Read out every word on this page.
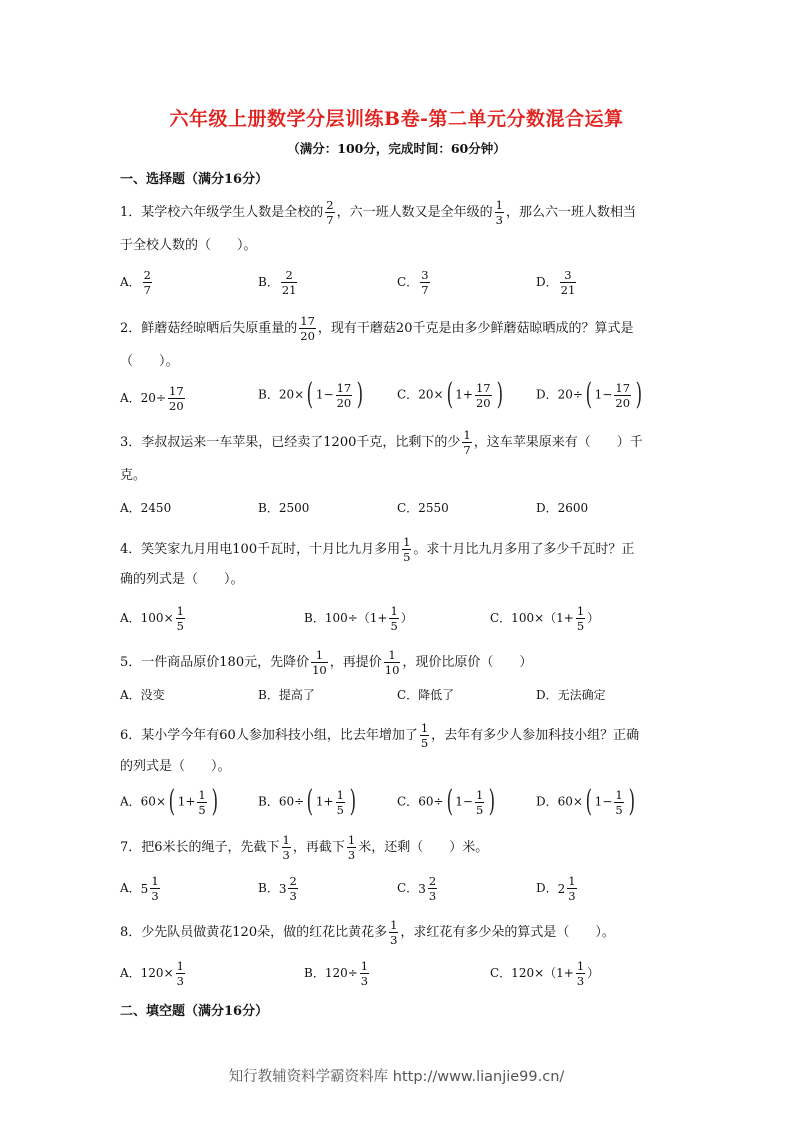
六年级上册数学分层训练B卷-第二单元分数混合运算
（满分：100分，完成时间：60分钟）
一、选择题（满分16分）
1．某学校六年级学生人数是全校的 $\frac{2}{7}$ ，六一班人数又是全年级的 $\frac{1}{3}$ ，那么六一班人数相当
于全校人数的（　　）。
A． $\frac{2}{7}$	B． $\frac{2}{21}$	C． $\frac{3}{7}$	D． $\frac{3}{21}$
2．鲜蘑菇经晾晒后失原重量的 $\frac{17}{20}$ ，现有干蘑菇20千克是由多少鲜蘑菇晾晒成的？算式是
（　　）。
A．$20\div \frac{17}{20}$	B．20×( $1- \frac{17}{20}$ )	C．20×( $1+ \frac{17}{20}$ )	D．20÷( $1- \frac{17}{20}$ )
3．李叔叔运来一车苹果，已经卖了1200千克，比剩下的少 $\frac{1}{7}$ ，这车苹果原来有（　　）千
克。
A．2450	B．2500	C．2550	D．2600
4．笑笑家九月用电100千瓦时，十月比九月多用 $\frac{1}{5}$ 。求十月比九月多用了多少千瓦时？正
确的列式是（　　）。
A．$100\times \frac{1}{5}$	B．$100\div(1+ \frac{1}{5}$ ）	C．$100\times(1+ \frac{1}{5}$ ）
5．一件商品原价180元，先降价 $\frac{1}{10}$ ，再提价 $\frac{1}{10}$ ，现价比原价（　　）
A．没变	B．提高了	C．降低了	D．无法确定
6．某小学今年有60人参加科技小组，比去年增加了 $\frac{1}{5}$ ，去年有多少人参加科技小组？正确
的列式是（　　）。
A．60×( $1+ \frac{1}{5}$ )	B．60÷( $1+ \frac{1}{5}$ )	C．60÷( $1- \frac{1}{5}$ )	D．60×( $1- \frac{1}{5}$ )
7．把6米长的绳子，先截下 $\frac{1}{3}$ ，再截下 $\frac{1}{3}$ 米，还剩（　　）米。
A． $5 \frac{1}{3}$	B． $3 \frac{2}{3}$	C． $3 \frac{2}{3}$	D． $2 \frac{1}{3}$
8．少先队员做黄花120朵，做的红花比黄花多 $\frac{1}{3}$ ，求红花有多少朵的算式是（　　）。
A．$120\times \frac{1}{3}$	B．$120\div \frac{1}{3}$	C．$120\times(1+ \frac{1}{3}$ ）
二、填空题（满分16分）
知行教辅资料学霸资料库 http://www.lianjie99.cn/
